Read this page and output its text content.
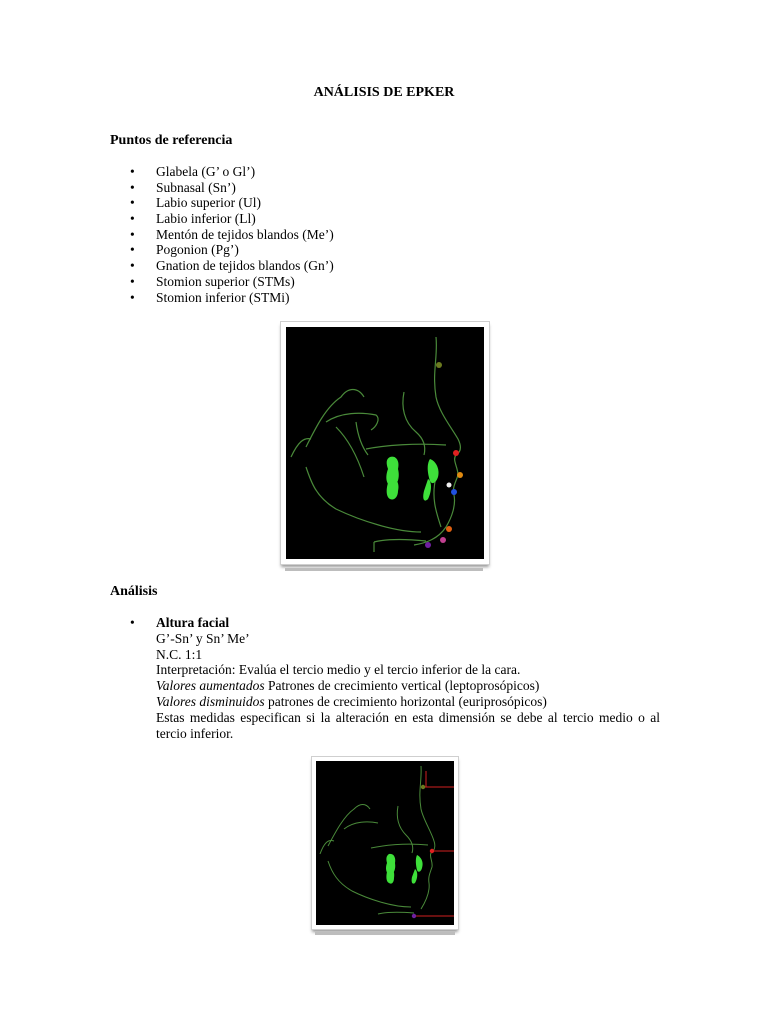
ANÁLISIS DE EPKER
Puntos de referencia
• Glabela (G’ o Gl’)
• Subnasal (Sn’)
• Labio superior (Ul)
• Labio inferior (Ll)
• Mentón de tejidos blandos (Me’)
• Pogonion (Pg’)
• Gnation de tejidos blandos (Gn’)
• Stomion superior (STMs)
• Stomion inferior (STMi)
Análisis
•	Altura facial
G’-Sn’ y Sn’ Me’
N.C. 1:1
Interpretación: Evalúa el tercio medio y el tercio inferior de la cara.
Valores aumentados Patrones de crecimiento vertical (leptoprosópicos)
Valores disminuidos patrones de crecimiento horizontal (euriprosópicos)
Estas medidas especifican si la alteración en esta dimensión se debe al tercio medio o al tercio inferior.
